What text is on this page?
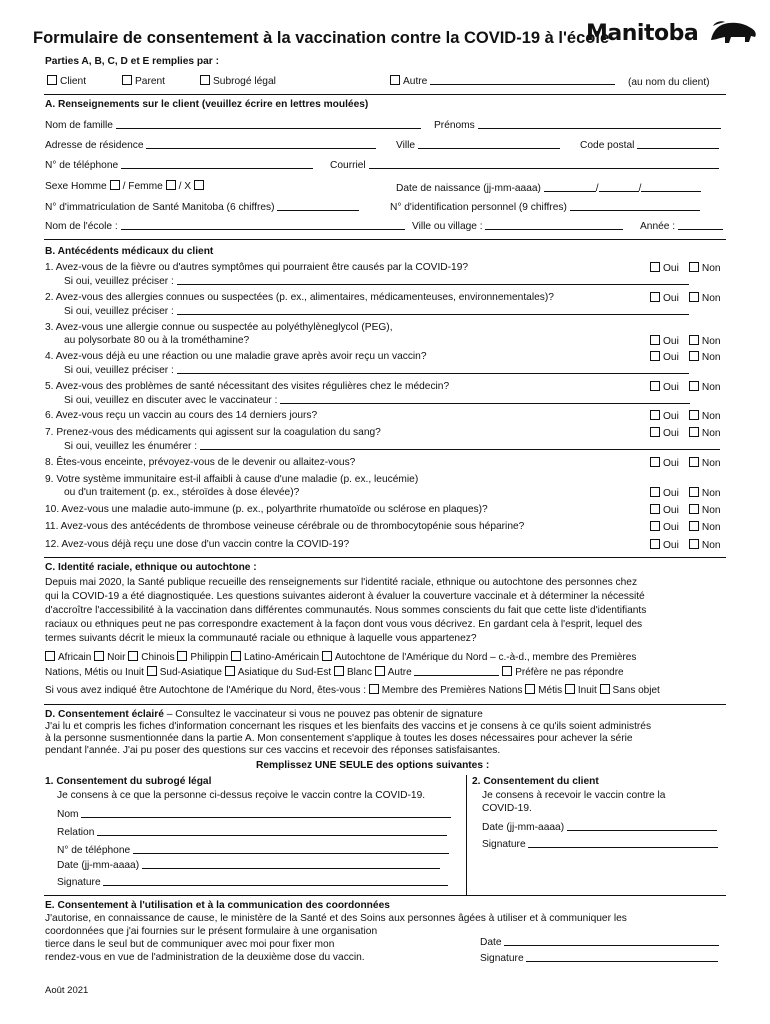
Formulaire de consentement à la vaccination contre la COVID-19 à l'école
Manitoba
Parties A, B, C, D et E remplies par :
Client	Parent	Subrogé légal	Autre	(au nom du client)
A. Renseignements sur le client (veuillez écrire en lettres moulées)
Nom de famille	Prénoms
Adresse de résidence	Ville	Code postal
N° de téléphone	Courriel
Sexe Homme / Femme / X	Date de naissance (jj-mm-aaaa)	/	/
N° d'immatriculation de Santé Manitoba (6 chiffres)	N° d'identification personnel (9 chiffres)
Nom de l'école :	Ville ou village :	Année :
B. Antécédents médicaux du client
1. Avez-vous de la fièvre ou d'autres symptômes qui pourraient être causés par la COVID-19?	Oui Non
Si oui, veuillez préciser :
2. Avez-vous des allergies connues ou suspectées (p. ex., alimentaires, médicamenteuses, environnementales)?	Oui Non
Si oui, veuillez préciser :
3. Avez-vous une allergie connue ou suspectée au polyéthylèneglycol (PEG),
au polysorbate 80 ou à la trométhamine?	Oui Non
4. Avez-vous déjà eu une réaction ou une maladie grave après avoir reçu un vaccin?	Oui Non
Si oui, veuillez préciser :
5. Avez-vous des problèmes de santé nécessitant des visites régulières chez le médecin?	Oui Non
Si oui, veuillez en discuter avec le vaccinateur :
6. Avez-vous reçu un vaccin au cours des 14 derniers jours?	Oui Non
7. Prenez-vous des médicaments qui agissent sur la coagulation du sang?	Oui Non
Si oui, veuillez les énumérer :
8. Êtes-vous enceinte, prévoyez-vous de le devenir ou allaitez-vous?	Oui Non
9. Votre système immunitaire est-il affaibli à cause d'une maladie (p. ex., leucémie)
ou d'un traitement (p. ex., stéroïdes à dose élevée)?	Oui Non
10. Avez-vous une maladie auto-immune (p. ex., polyarthrite rhumatoïde ou sclérose en plaques)?	Oui Non
11. Avez-vous des antécédents de thrombose veineuse cérébrale ou de thrombocytopénie sous héparine?	Oui Non
12. Avez-vous déjà reçu une dose d'un vaccin contre la COVID-19?	Oui Non
C. Identité raciale, ethnique ou autochtone :
Depuis mai 2020, la Santé publique recueille des renseignements sur l'identité raciale, ethnique ou autochtone des personnes chez
qui la COVID-19 a été diagnostiquée. Les questions suivantes aideront à évaluer la couverture vaccinale et à déterminer la nécessité
d'accroître l'accessibilité à la vaccination dans différentes communautés. Nous sommes conscients du fait que cette liste d'identifiants
raciaux ou ethniques peut ne pas correspondre exactement à la façon dont vous vous décrivez. En gardant cela à l'esprit, lequel des
termes suivants décrit le mieux la communauté raciale ou ethnique à laquelle vous appartenez?
Africain Noir Chinois Philippin Latino-Américain Autochtone de l'Amérique du Nord – c.-à-d., membre des Premières
Nations, Métis ou Inuit Sud-Asiatique Asiatique du Sud-Est Blanc Autre	Préfère ne pas répondre
Si vous avez indiqué être Autochtone de l'Amérique du Nord, êtes-vous : Membre des Premières Nations Métis Inuit Sans objet
D. Consentement éclairé – Consultez le vaccinateur si vous ne pouvez pas obtenir de signature
J'ai lu et compris les fiches d'information concernant les risques et les bienfaits des vaccins et je consens à ce qu'ils soient administrés
à la personne susmentionnée dans la partie A. Mon consentement s'applique à toutes les doses nécessaires pour achever la série
pendant l'année. J'ai pu poser des questions sur ces vaccins et recevoir des réponses satisfaisantes.
Remplissez UNE SEULE des options suivantes :
1. Consentement du subrogé légal
Je consens à ce que la personne ci-dessus reçoive le vaccin contre la COVID-19.
Nom
Relation
N° de téléphone
Date (jj-mm-aaaa)
Signature
2. Consentement du client
Je consens à recevoir le vaccin contre la
COVID-19.
Date (jj-mm-aaaa)
Signature
E. Consentement à l'utilisation et à la communication des coordonnées
J'autorise, en connaissance de cause, le ministère de la Santé et des Soins aux personnes âgées à utiliser et à communiquer les
coordonnées que j'ai fournies sur le présent formulaire à une organisation
tierce dans le seul but de communiquer avec moi pour fixer mon
rendez-vous en vue de l'administration de la deuxième dose du vaccin.
Date
Signature
Août 2021
